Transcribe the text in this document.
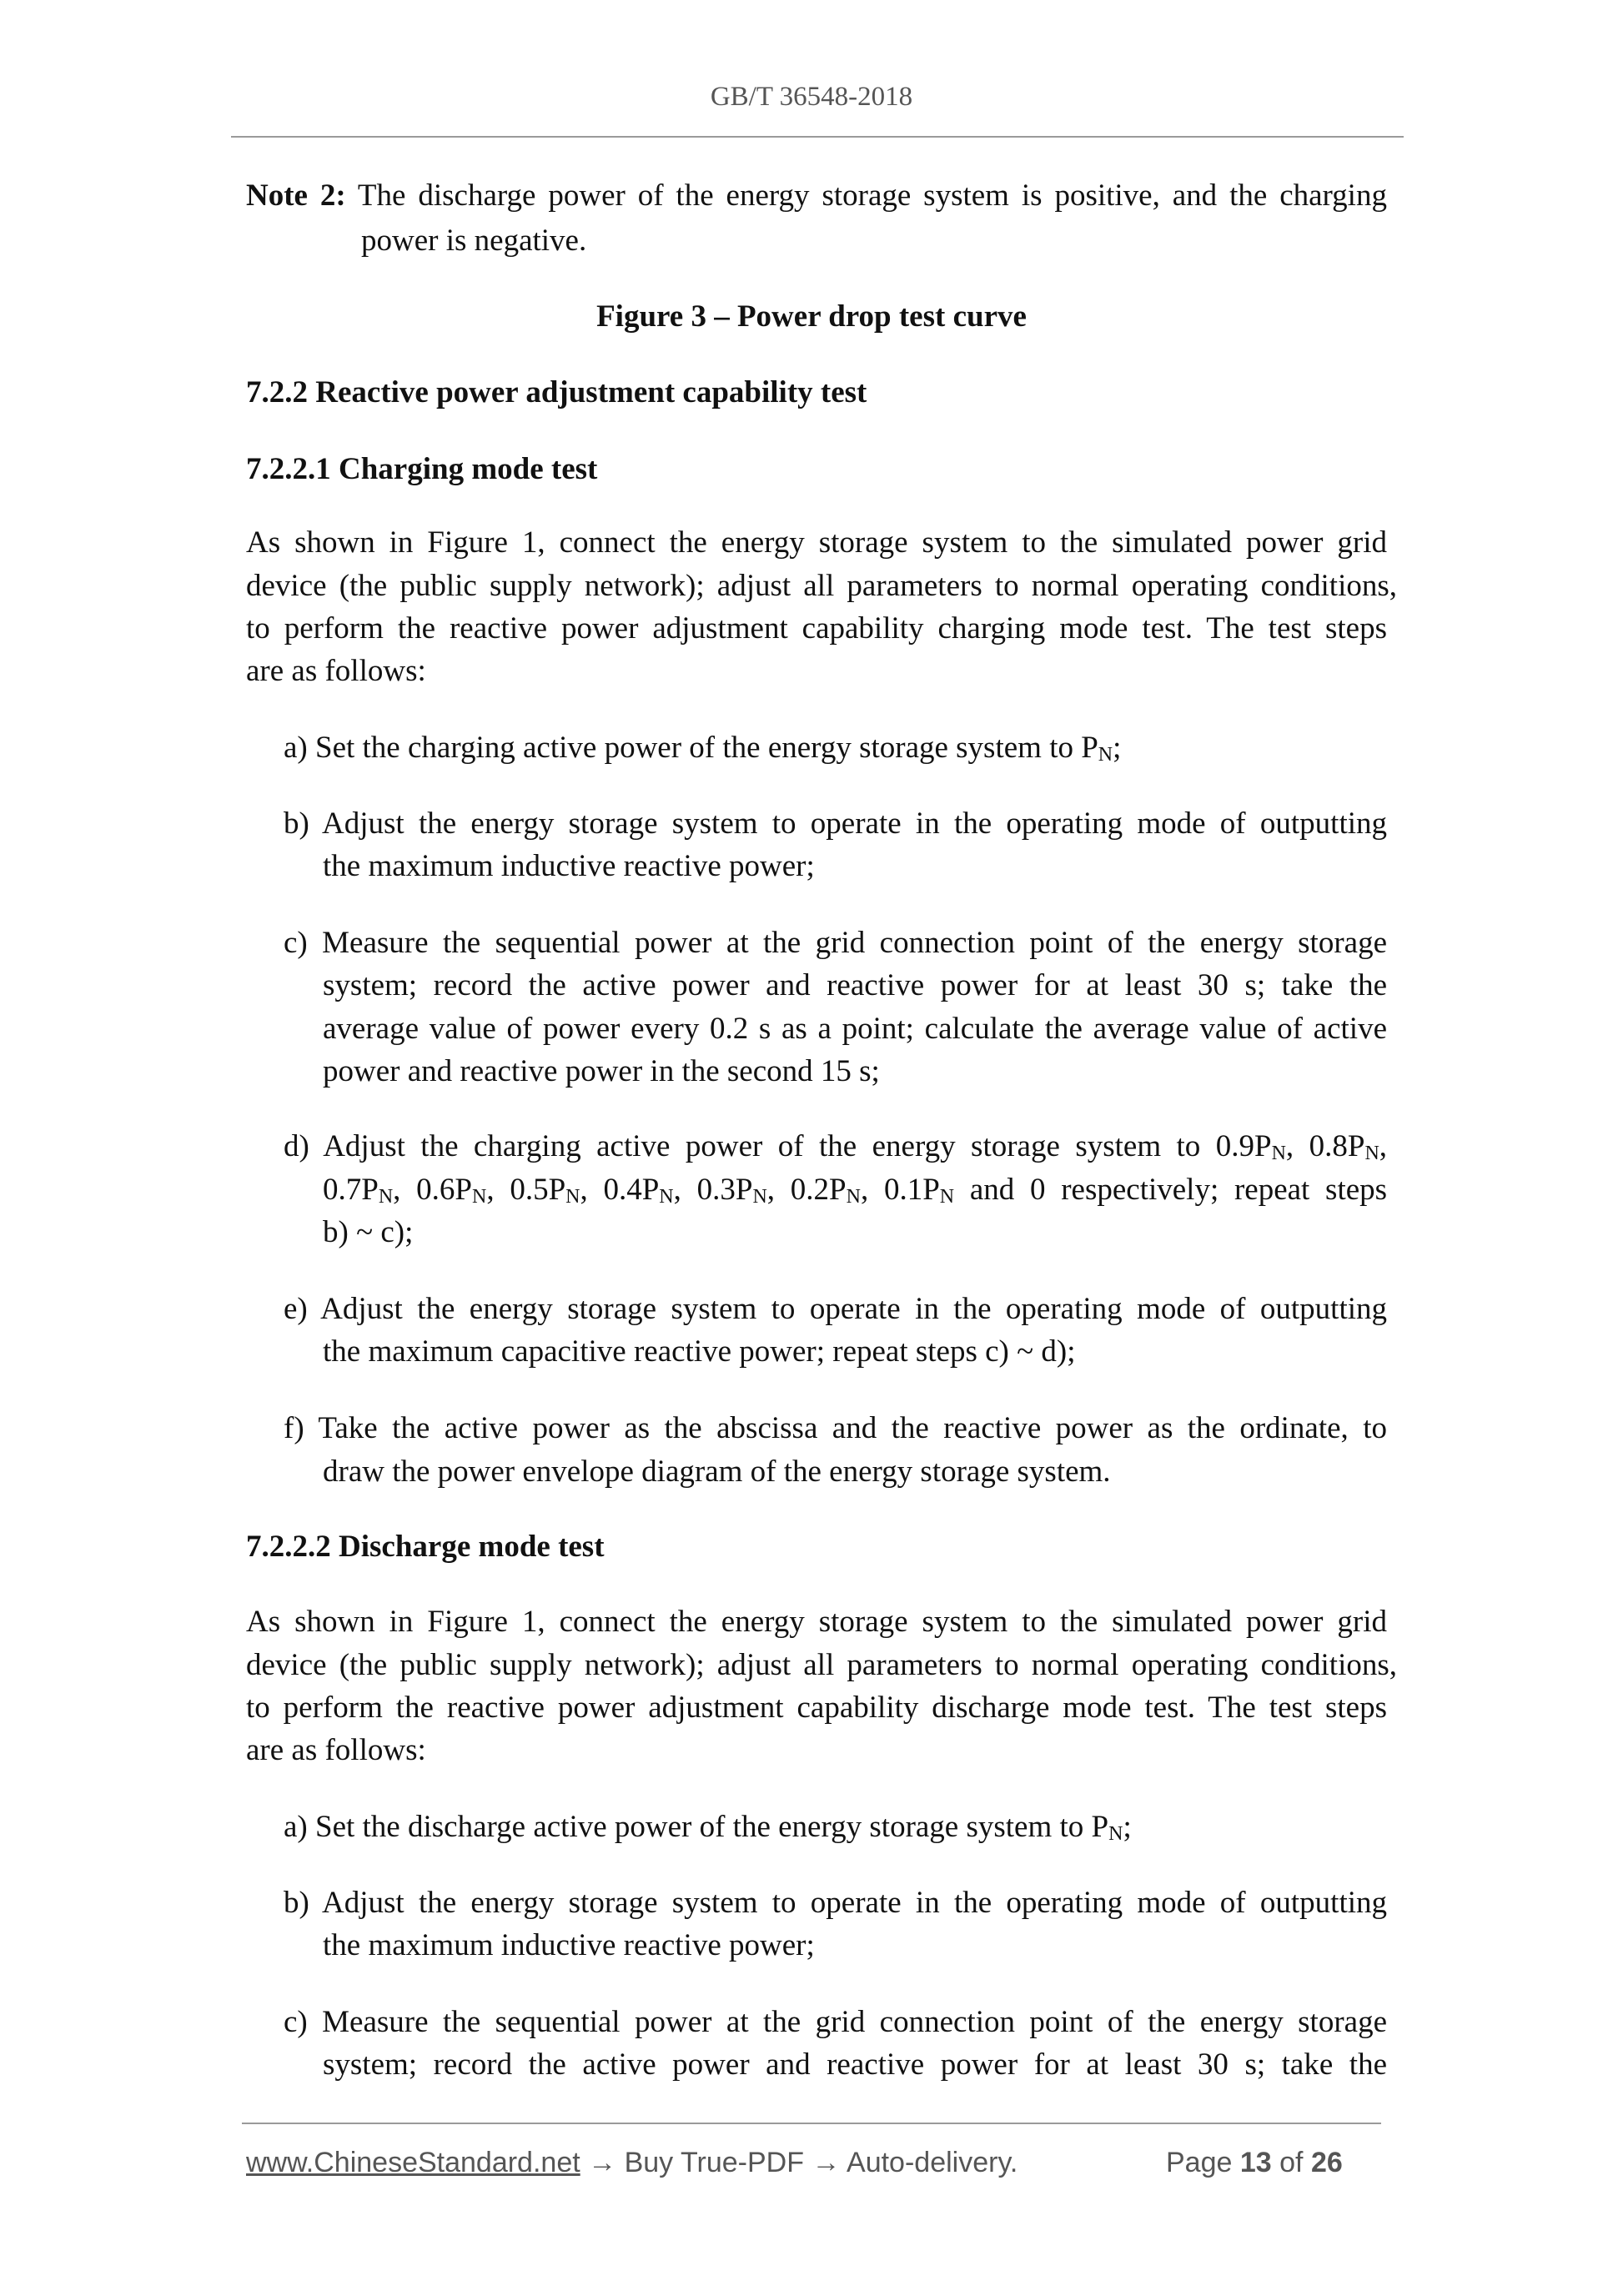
GB/T 36548-2018
Note 2: The discharge power of the energy storage system is positive, and the charging
power is negative.
Figure 3 – Power drop test curve
7.2.2 Reactive power adjustment capability test
7.2.2.1 Charging mode test
As shown in Figure 1, connect the energy storage system to the simulated power grid
device (the public supply network); adjust all parameters to normal operating conditions,
to perform the reactive power adjustment capability charging mode test. The test steps
are as follows:
a) Set the charging active power of the energy storage system to $P_N$;
b) Adjust the energy storage system to operate in the operating mode of outputting
the maximum inductive reactive power;
c) Measure the sequential power at the grid connection point of the energy storage
system; record the active power and reactive power for at least 30 s; take the
average value of power every 0.2 s as a point; calculate the average value of active
power and reactive power in the second 15 s;
d) Adjust the charging active power of the energy storage system to $0.9P_N$, $0.8P_N$,
$0.7P_N$, $0.6P_N$, $0.5P_N$, $0.4P_N$, $0.3P_N$, $0.2P_N$, $0.1P_N$ and 0 respectively; repeat steps
b) ~ c);
e) Adjust the energy storage system to operate in the operating mode of outputting
the maximum capacitive reactive power; repeat steps c) ~ d);
f) Take the active power as the abscissa and the reactive power as the ordinate, to
draw the power envelope diagram of the energy storage system.
7.2.2.2 Discharge mode test
As shown in Figure 1, connect the energy storage system to the simulated power grid
device (the public supply network); adjust all parameters to normal operating conditions,
to perform the reactive power adjustment capability discharge mode test. The test steps
are as follows:
a) Set the discharge active power of the energy storage system to $P_N$;
b) Adjust the energy storage system to operate in the operating mode of outputting
the maximum inductive reactive power;
c) Measure the sequential power at the grid connection point of the energy storage
system; record the active power and reactive power for at least 30 s; take the
www.ChineseStandard.net → Buy True-PDF → Auto-delivery.	Page 13 of 26
